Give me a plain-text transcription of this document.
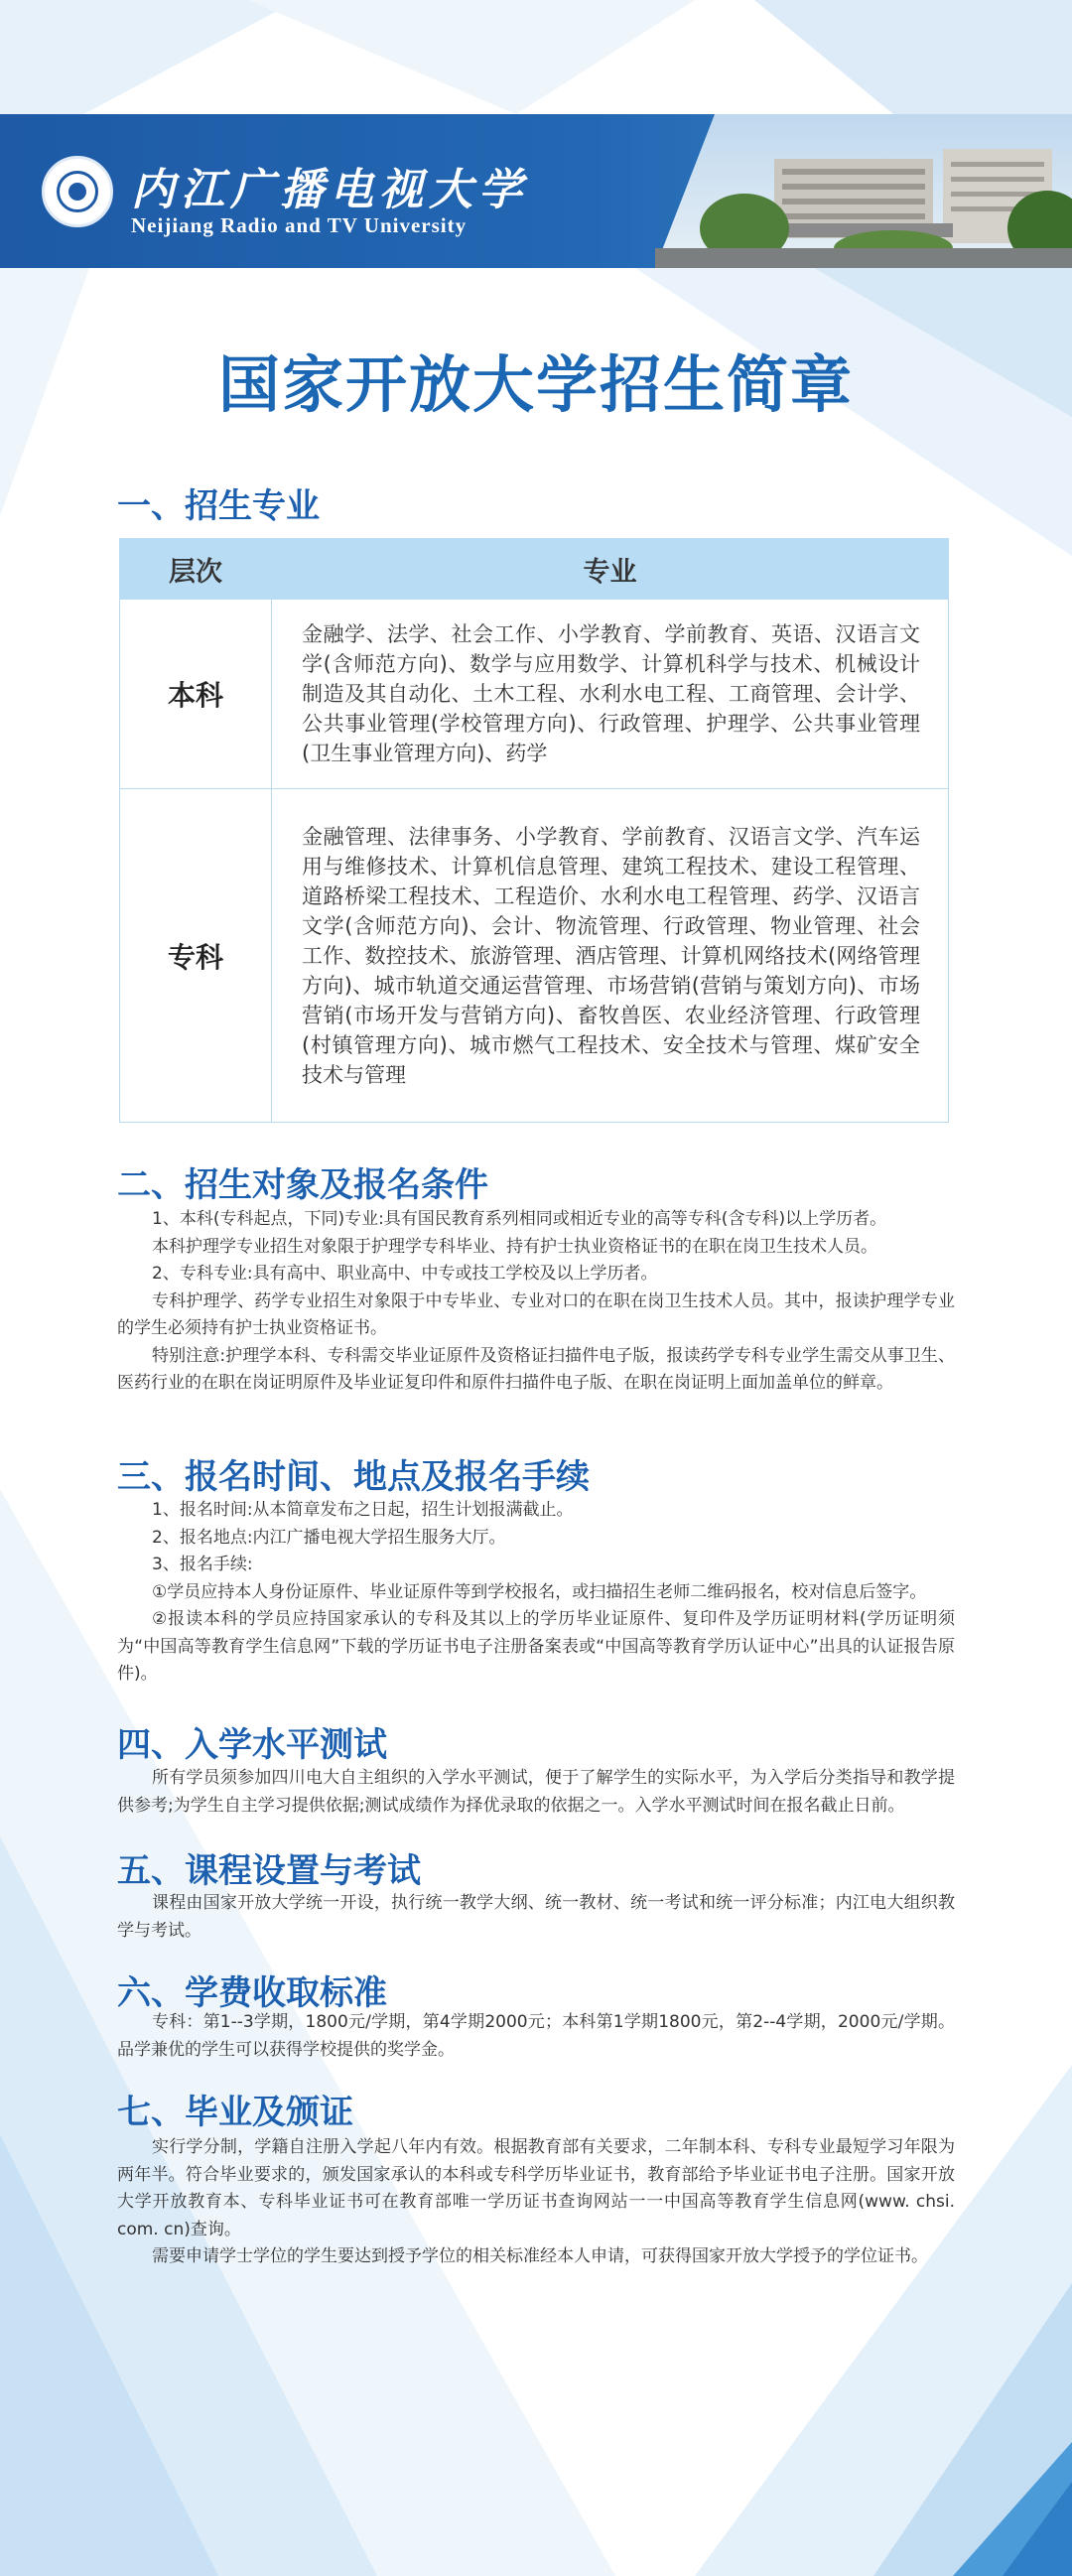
内江广播电视大学
Neijiang Radio and TV University
国家开放大学招生简章
一、招生专业
层次	专业
本科	金融学、法学、社会工作、小学教育、学前教育、英语、汉语言文学(含师范方向)、数学与应用数学、计算机科学与技术、机械设计制造及其自动化、土木工程、水利水电工程、工商管理、会计学、公共事业管理(学校管理方向)、行政管理、护理学、公共事业管理(卫生事业管理方向)、药学
专科	金融管理、法律事务、小学教育、学前教育、汉语言文学、汽车运用与维修技术、计算机信息管理、建筑工程技术、建设工程管理、道路桥梁工程技术、工程造价、水利水电工程管理、药学、汉语言文学(含师范方向)、会计、物流管理、行政管理、物业管理、社会工作、数控技术、旅游管理、酒店管理、计算机网络技术(网络管理方向)、城市轨道交通运营管理、市场营销(营销与策划方向)、市场营销(市场开发与营销方向)、畜牧兽医、农业经济管理、行政管理(村镇管理方向)、城市燃气工程技术、安全技术与管理、煤矿安全技术与管理
二、招生对象及报名条件

1、本科(专科起点，下同)专业:具有国民教育系列相同或相近专业的高等专科(含专科)以上学历者。

本科护理学专业招生对象限于护理学专科毕业、持有护士执业资格证书的在职在岗卫生技术人员。

2、专科专业:具有高中、职业高中、中专或技工学校及以上学历者。

专科护理学、药学专业招生对象限于中专毕业、专业对口的在职在岗卫生技术人员。其中，报读护理学专业的学生必须持有护士执业资格证书。

特别注意:护理学本科、专科需交毕业证原件及资格证扫描件电子版，报读药学专科专业学生需交从事卫生、医药行业的在职在岗证明原件及毕业证复印件和原件扫描件电子版、在职在岗证明上面加盖单位的鲜章。

三、报名时间、地点及报名手续

1、报名时间:从本简章发布之日起，招生计划报满截止。

2、报名地点:内江广播电视大学招生服务大厅。

3、报名手续:

①学员应持本人身份证原件、毕业证原件等到学校报名，或扫描招生老师二维码报名，校对信息后签字。

②报读本科的学员应持国家承认的专科及其以上的学历毕业证原件、复印件及学历证明材料(学历证明须为“中国高等教育学生信息网”下载的学历证书电子注册备案表或“中国高等教育学历认证中心”出具的认证报告原件)。

四、入学水平测试

所有学员须参加四川电大自主组织的入学水平测试，便于了解学生的实际水平，为入学后分类指导和教学提供参考;为学生自主学习提供依据;测试成绩作为择优录取的依据之一。入学水平测试时间在报名截止日前。

五、课程设置与考试

课程由国家开放大学统一开设，执行统一教学大纲、统一教材、统一考试和统一评分标准；内江电大组织教学与考试。

六、学费收取标准

专科：第1--3学期，1800元/学期，第4学期2000元；本科第1学期1800元，第2--4学期，2000元/学期。品学兼优的学生可以获得学校提供的奖学金。

七、毕业及颁证

实行学分制，学籍自注册入学起八年内有效。根据教育部有关要求，二年制本科、专科专业最短学习年限为两年半。符合毕业要求的，颁发国家承认的本科或专科学历毕业证书，教育部给予毕业证书电子注册。国家开放大学开放教育本、专科毕业证书可在教育部唯一学历证书查询网站一一中国高等教育学生信息网(www. chsi. com. cn)查询。

需要申请学士学位的学生要达到授予学位的相关标准经本人申请，可获得国家开放大学授予的学位证书。
